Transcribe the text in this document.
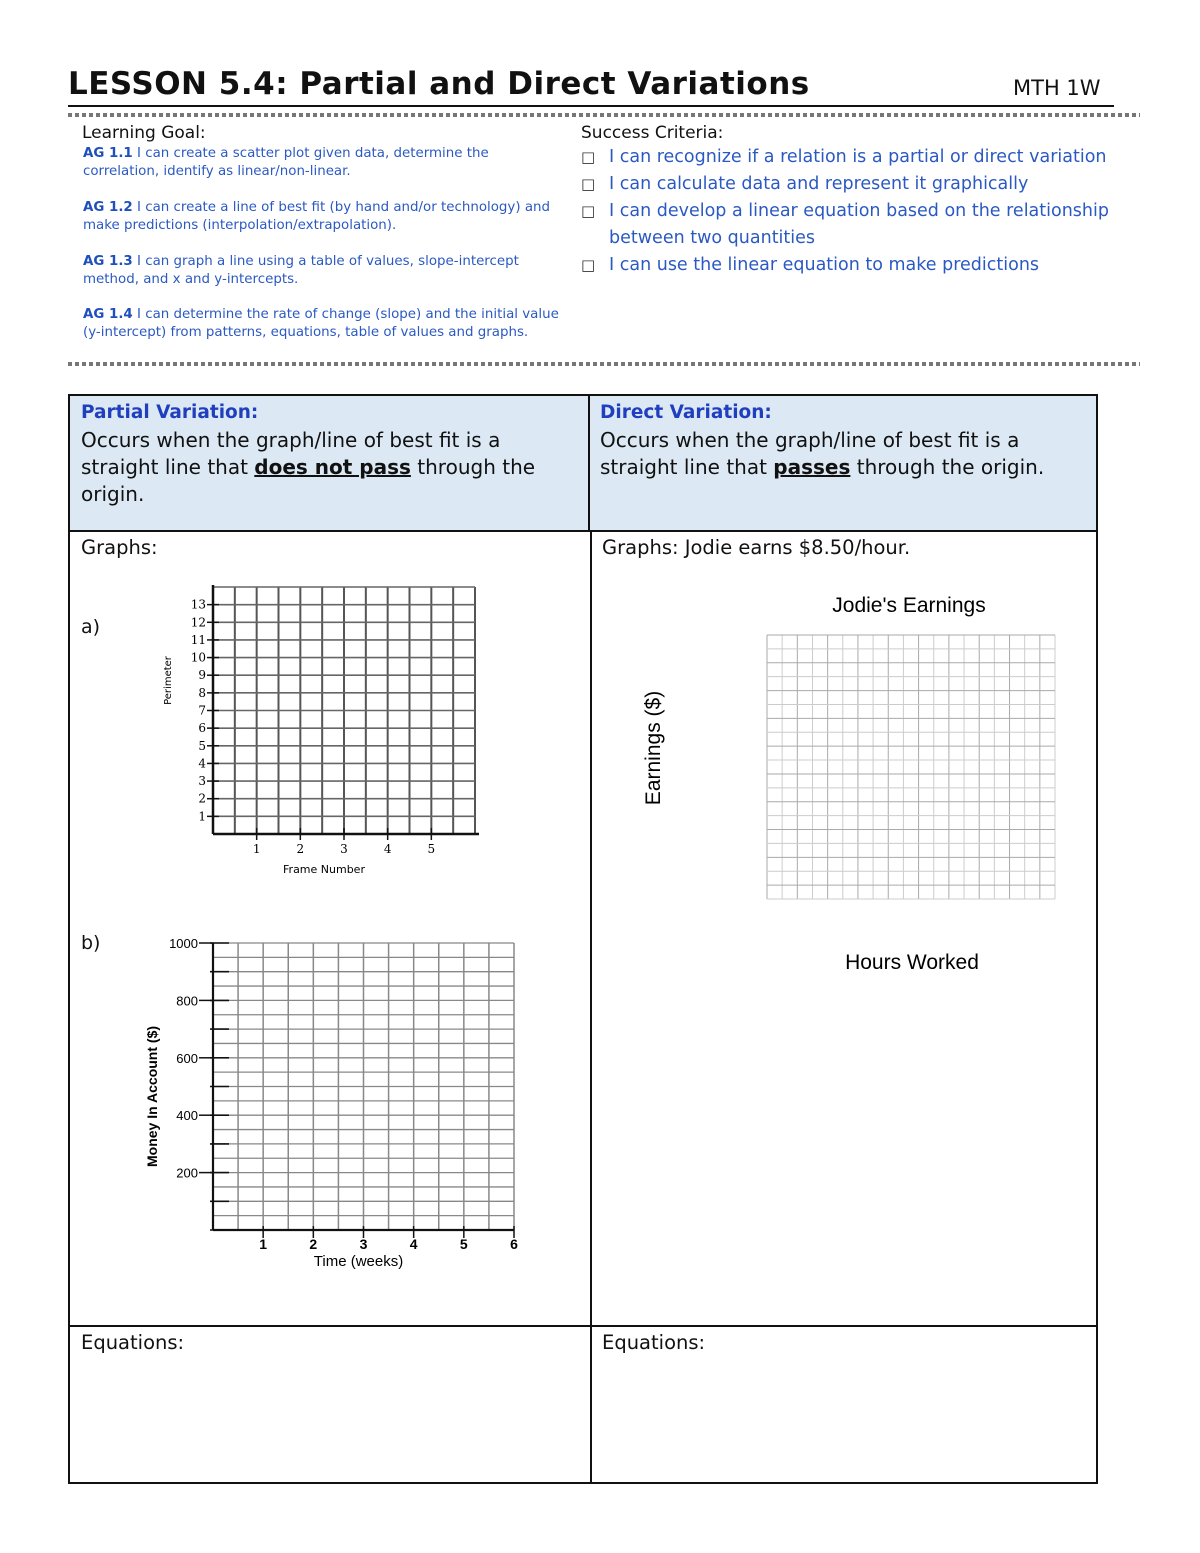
LESSON 5.4: Partial and Direct Variations	MTH 1W
Learning Goal:
AG 1.1 I can create a scatter plot given data, determine the correlation, identify as linear/non-linear.
AG 1.2 I can create a line of best fit (by hand and/or technology) and make predictions (interpolation/extrapolation).
AG 1.3 I can graph a line using a table of values, slope-intercept method, and x and y-intercepts.
AG 1.4 I can determine the rate of change (slope) and the initial value (y-intercept) from patterns, equations, table of values and graphs.
Success Criteria:
□ I can recognize if a relation is a partial or direct variation
□ I can calculate data and represent it graphically
□ I can develop a linear equation based on the relationship between two quantities
□ I can use the linear equation to make predictions
Partial Variation:
Occurs when the graph/line of best fit is a straight line that does not pass through the origin.
Direct Variation:
Occurs when the graph/line of best fit is a straight line that passes through the origin.
Graphs:
a)
b)
Graphs: Jodie earns $8.50/hour.
Equations:	Equations:
1
2
3
4
5
6
7
8
9
10
11
12
13
1	2	3	4	5
Frame Number
Perimeter
200
400
600
800
1000
1	2	3	4	5	6
Time (weeks)
Money In Account ($)
Jodie's Earnings
Hours Worked
Earnings ($)
